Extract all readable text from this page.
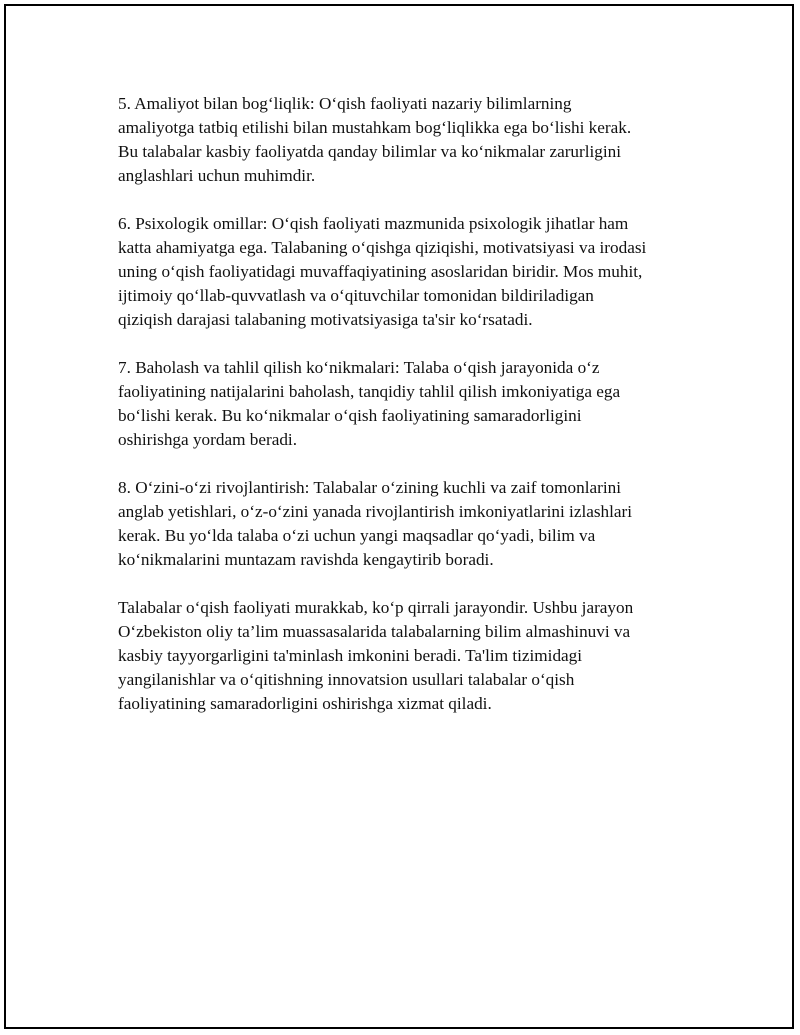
5. Amaliyot bilan bog‘liqlik: O‘qish faoliyati nazariy bilimlarning
amaliyotga tatbiq etilishi bilan mustahkam bog‘liqlikka ega bo‘lishi kerak.
Bu talabalar kasbiy faoliyatda qanday bilimlar va ko‘nikmalar zarurligini
anglashlari uchun muhimdir.

6. Psixologik omillar: O‘qish faoliyati mazmunida psixologik jihatlar ham
katta ahamiyatga ega. Talabaning o‘qishga qiziqishi, motivatsiyasi va irodasi
uning o‘qish faoliyatidagi muvaffaqiyatining asoslaridan biridir. Mos muhit,
ijtimoiy qo‘llab-quvvatlash va o‘qituvchilar tomonidan bildiriladigan
qiziqish darajasi talabaning motivatsiyasiga ta'sir ko‘rsatadi.

7. Baholash va tahlil qilish ko‘nikmalari: Talaba o‘qish jarayonida o‘z
faoliyatining natijalarini baholash, tanqidiy tahlil qilish imkoniyatiga ega
bo‘lishi kerak. Bu ko‘nikmalar o‘qish faoliyatining samaradorligini
oshirishga yordam beradi.

8. O‘zini-o‘zi rivojlantirish: Talabalar o‘zining kuchli va zaif tomonlarini
anglab yetishlari, o‘z-o‘zini yanada rivojlantirish imkoniyatlarini izlashlari
kerak. Bu yo‘lda talaba o‘zi uchun yangi maqsadlar qo‘yadi, bilim va
ko‘nikmalarini muntazam ravishda kengaytirib boradi.

Talabalar o‘qish faoliyati murakkab, ko‘p qirrali jarayondir. Ushbu jarayon
O‘zbekiston oliy ta’lim muassasalarida talabalarning bilim almashinuvi va
kasbiy tayyorgarligini ta'minlash imkonini beradi. Ta'lim tizimidagi
yangilanishlar va o‘qitishning innovatsion usullari talabalar o‘qish
faoliyatining samaradorligini oshirishga xizmat qiladi.
